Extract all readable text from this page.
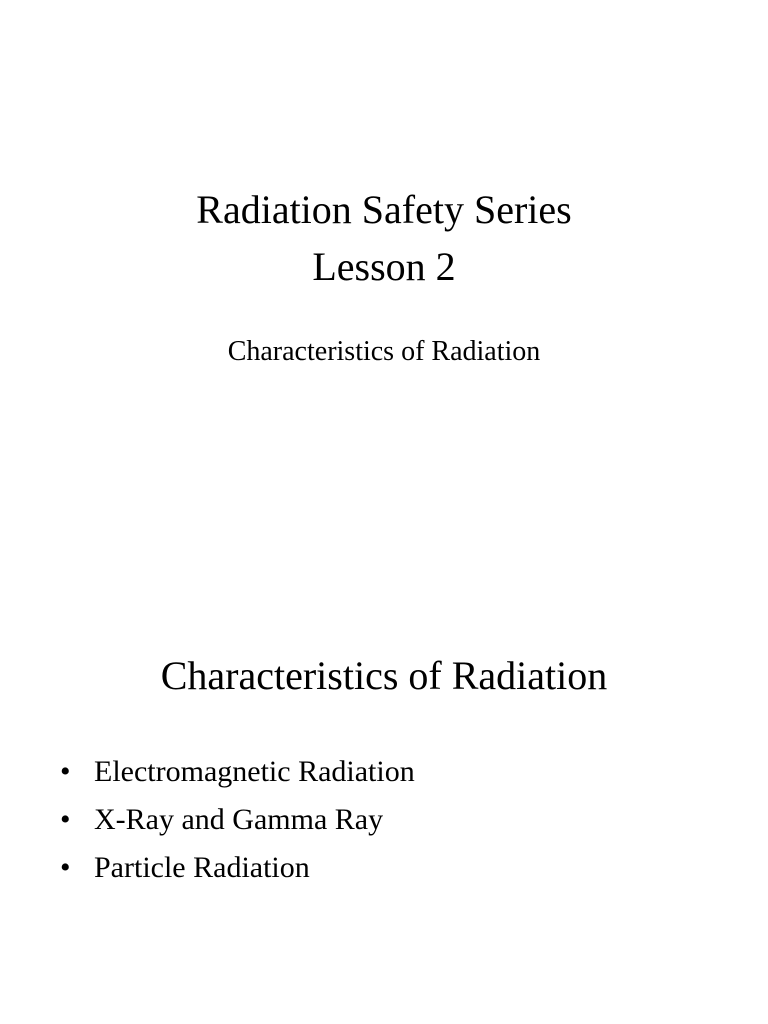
Radiation Safety Series
Lesson 2
Characteristics of Radiation
Characteristics of Radiation
• Electromagnetic Radiation
• X-Ray and Gamma Ray
• Particle Radiation
